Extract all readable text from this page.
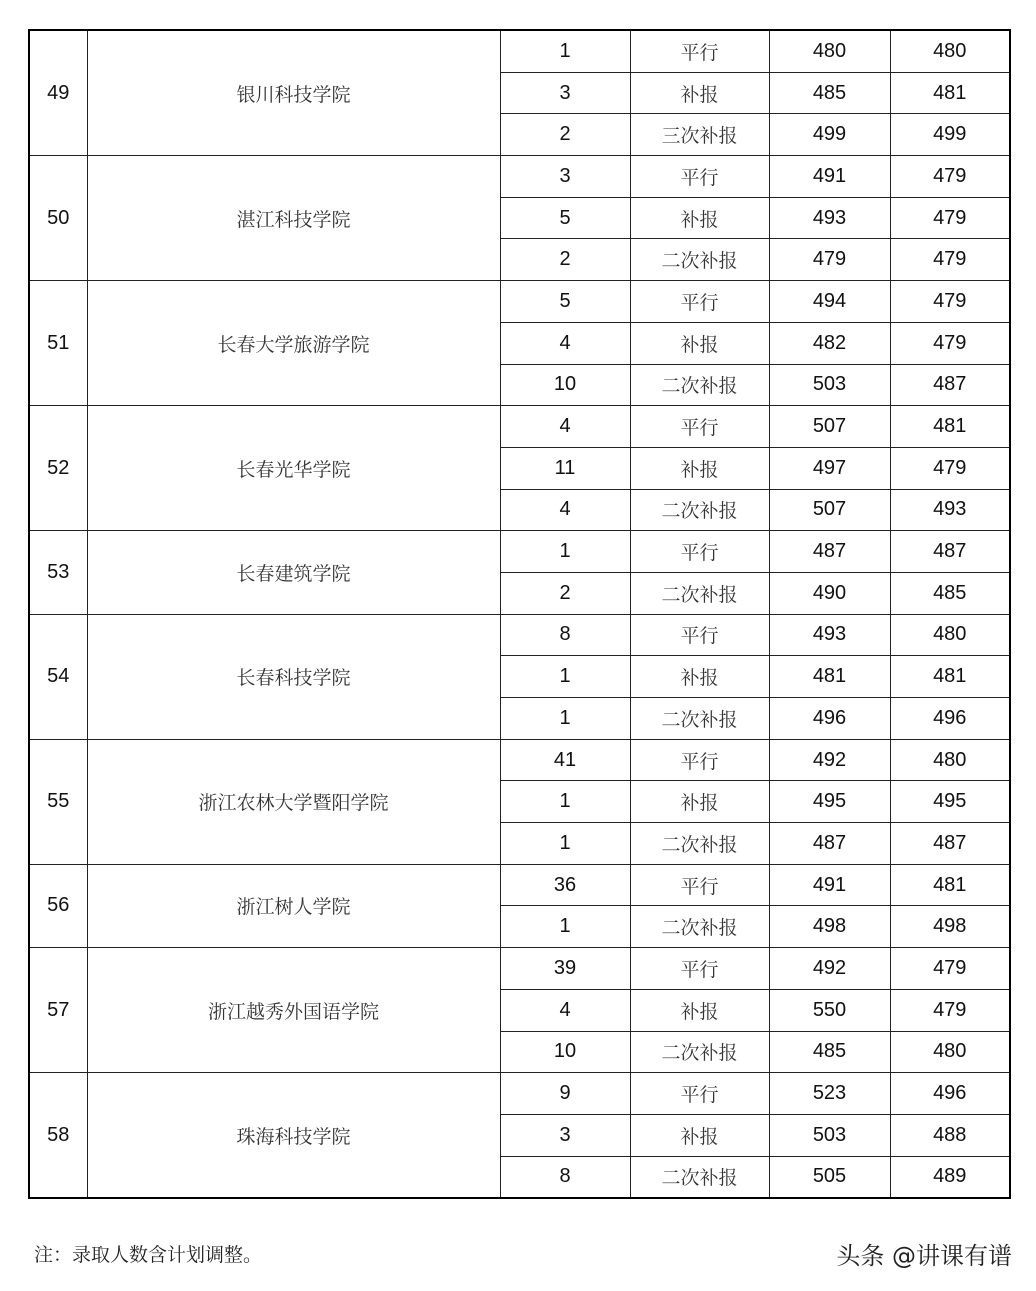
49	银川科技学院	1	平行	480	480
		3	补报	485	481
		2	三次补报	499	499
50	湛江科技学院	3	平行	491	479
		5	补报	493	479
		2	二次补报	479	479
51	长春大学旅游学院	5	平行	494	479
		4	补报	482	479
		10	二次补报	503	487
52	长春光华学院	4	平行	507	481
		11	补报	497	479
		4	二次补报	507	493
53	长春建筑学院	1	平行	487	487
		2	二次补报	490	485
54	长春科技学院	8	平行	493	480
		1	补报	481	481
		1	二次补报	496	496
55	浙江农林大学暨阳学院	41	平行	492	480
		1	补报	495	495
		1	二次补报	487	487
56	浙江树人学院	36	平行	491	481
		1	二次补报	498	498
57	浙江越秀外国语学院	39	平行	492	479
		4	补报	550	479
		10	二次补报	485	480
58	珠海科技学院	9	平行	523	496
		3	补报	503	488
		8	二次补报	505	489
注：录取人数含计划调整。	头条 @讲课有谱
